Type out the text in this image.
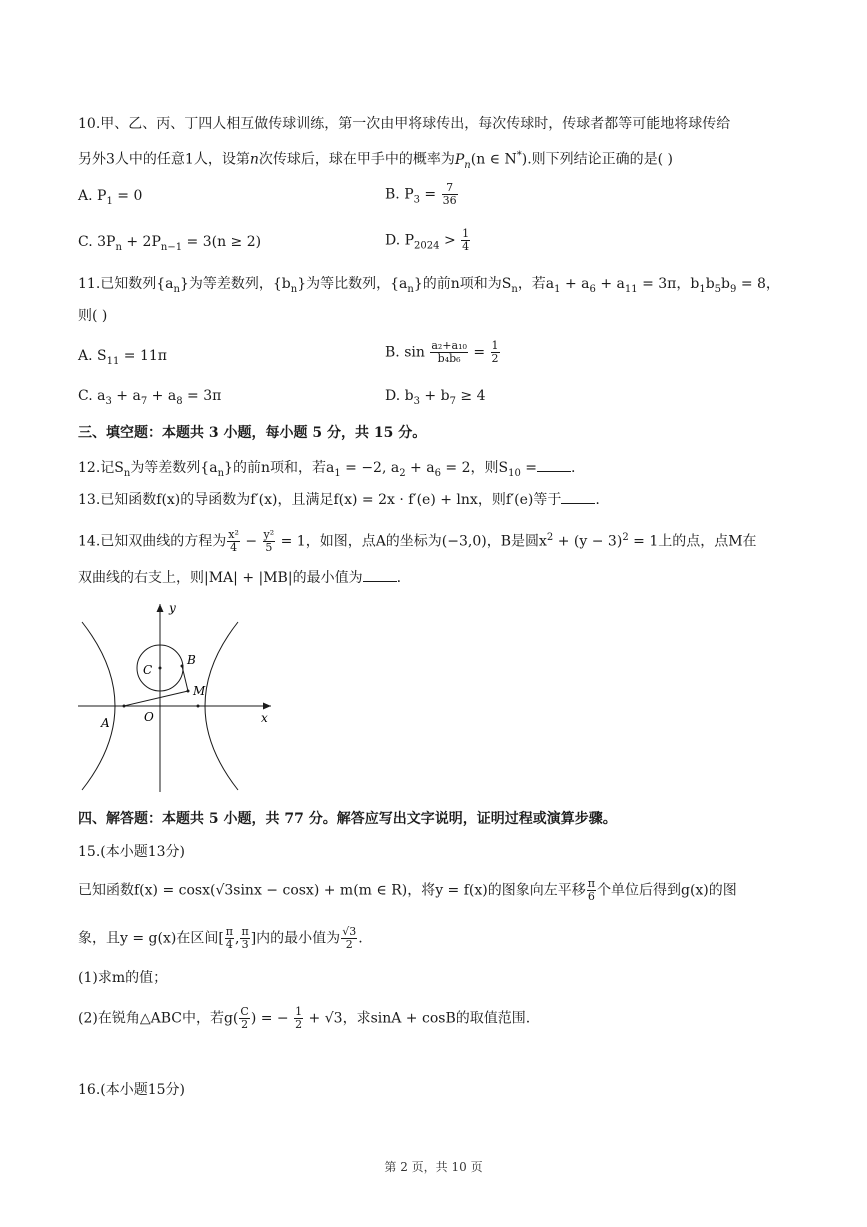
10.甲、乙、丙、丁四人相互做传球训练，第一次由甲将球传出，每次传球时，传球者都等可能地将球传给
另外3人中的任意1人，设第n次传球后，球在甲手中的概率为$P_n(n$ ∈ N*).则下列结论正确的是( )
A. $P_1 = 0$	B. $P_3 = \frac{7}{36}$
C. $3P_n + 2P_{n-1} = 3(n \ge 2)$	D. $P_{2024} > \frac{1}{4}$
11.已知数列$\{a_n\}$为等差数列，$\{b_n\}$为等比数列，$\{a_n\}$的前n项和为$S_n$，若$a_1 + a_6 + a_{11} = 3\pi$，$b_1b_5b_9 = 8$，
则( )
A. $S_{11} = 11\pi$	B. $\sin \frac{\text{a₂+a₁₀}}{\text{b₄b₆}} = \frac{1}{2}$
C. $a_3 + a_7 + a_8 = 3\pi$	D. $b_3 + b_7 \ge 4$
三、填空题：本题共 3 小题，每小题 5 分，共 15 分。
12.记$S_n$为等差数列$\{a_n\}$的前n项和，若$a_1 = -2$, $a_2 + a_6 = 2$，则$S_{10}$ = .
13.已知函数f(x)的导函数为f′(x)，且满足f(x) = 2x · f′(e) + lnx，则f′(e)等于 .
14.已知双曲线的方程为 $\frac{\text{x²}}{4} - \frac{\text{y²}}{5} = 1$，如图，点A的坐标为(−3,0)，B是圆$x^2 + (y - 3)^2 = 1$上的点，点M在
双曲线的右支上，则|MA| + |MB|的最小值为 .
y
x
O
A
C
B
M
四、解答题：本题共 5 小题，共 77 分。解答应写出文字说明，证明过程或演算步骤。
15.(本小题13分)
已知函数f(x) = cosx(√3sinx − cosx) + m(m ∈ R)，将y = f(x)的图象向左平移 $\frac{\pi}{6}$ 个单位后得到g(x)的图
象，且y = g(x)在区间[ $\frac{\pi}{4}$ , $\frac{\pi}{3}$ ]内的最小值为 $\frac{√3}{2}$ .
(1)求m的值；
(2)在锐角△ABC中，若$g( \frac{C}{2}$ ) = − $\frac{1}{2} + √3$，求sinA + cosB的取值范围.
16.(本小题15分)
第 2 页，共 10 页
